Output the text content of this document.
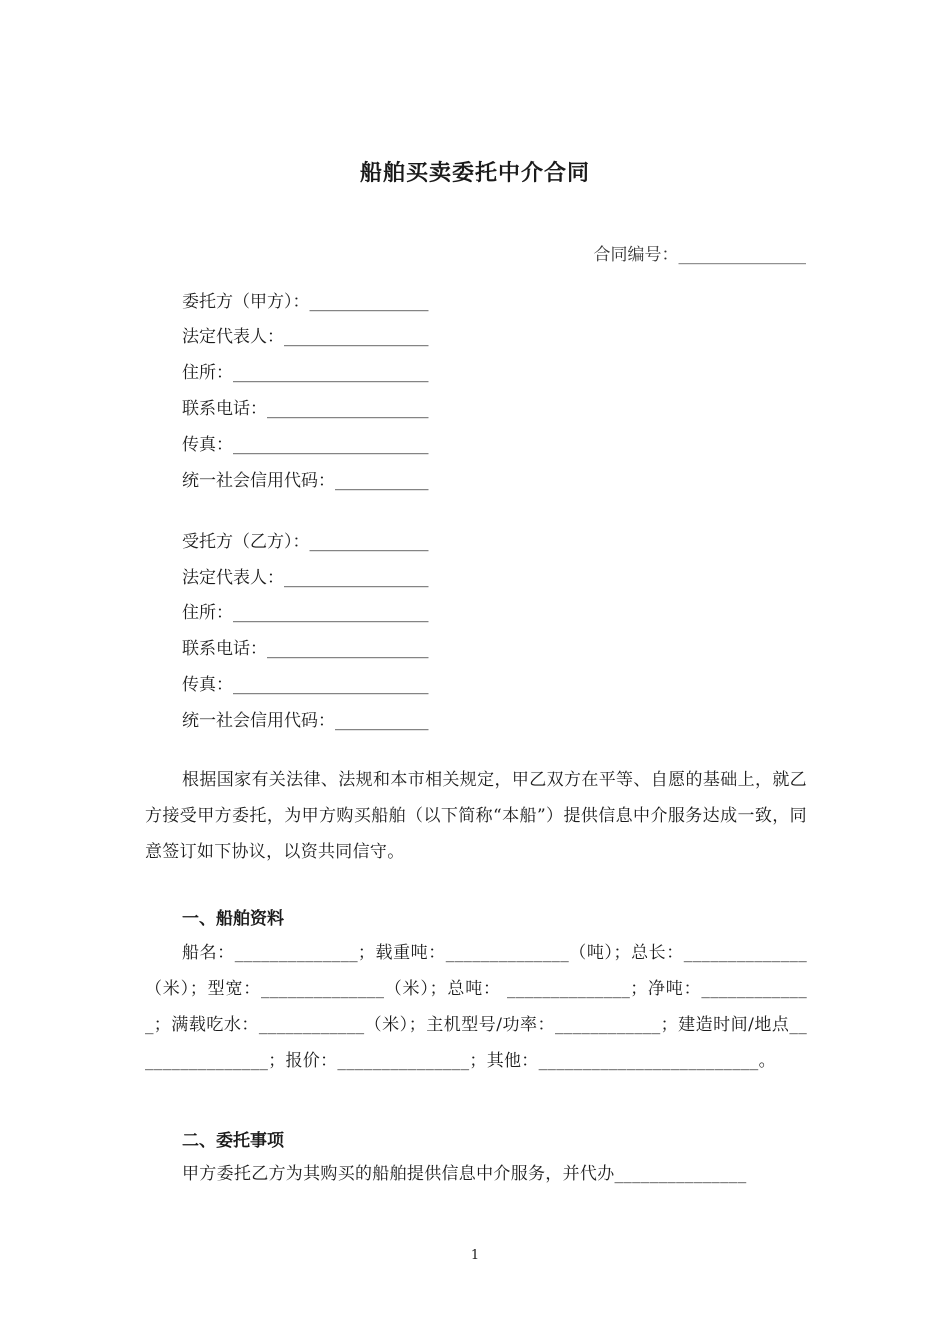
船舶买卖委托中介合同
合同编号：_______________
委托方（甲方）：______________
法定代表人：_________________
住所：_______________________
联系电话：___________________
传真：_______________________
统一社会信用代码：___________
受托方（乙方）：______________
法定代表人：_________________
住所：_______________________
联系电话：___________________
传真：_______________________
统一社会信用代码：___________
根据国家有关法律、法规和本市相关规定，甲乙双方在平等、自愿的基础上，就乙方接受甲方委托，为甲方购买船舶（以下简称“本船”）提供信息中介服务达成一致，同意签订如下协议，以资共同信守。
一、船舶资料
船名：______________；载重吨：______________（吨）；总长：______________（米）；型宽：______________（米）；总吨： ______________；净吨：_____________；满载吃水：____________（米）；主机型号/功率：____________；建造时间/地点________________；报价：_______________；其他：_________________________。
二、委托事项
甲方委托乙方为其购买的船舶提供信息中介服务，并代办_______________
1
